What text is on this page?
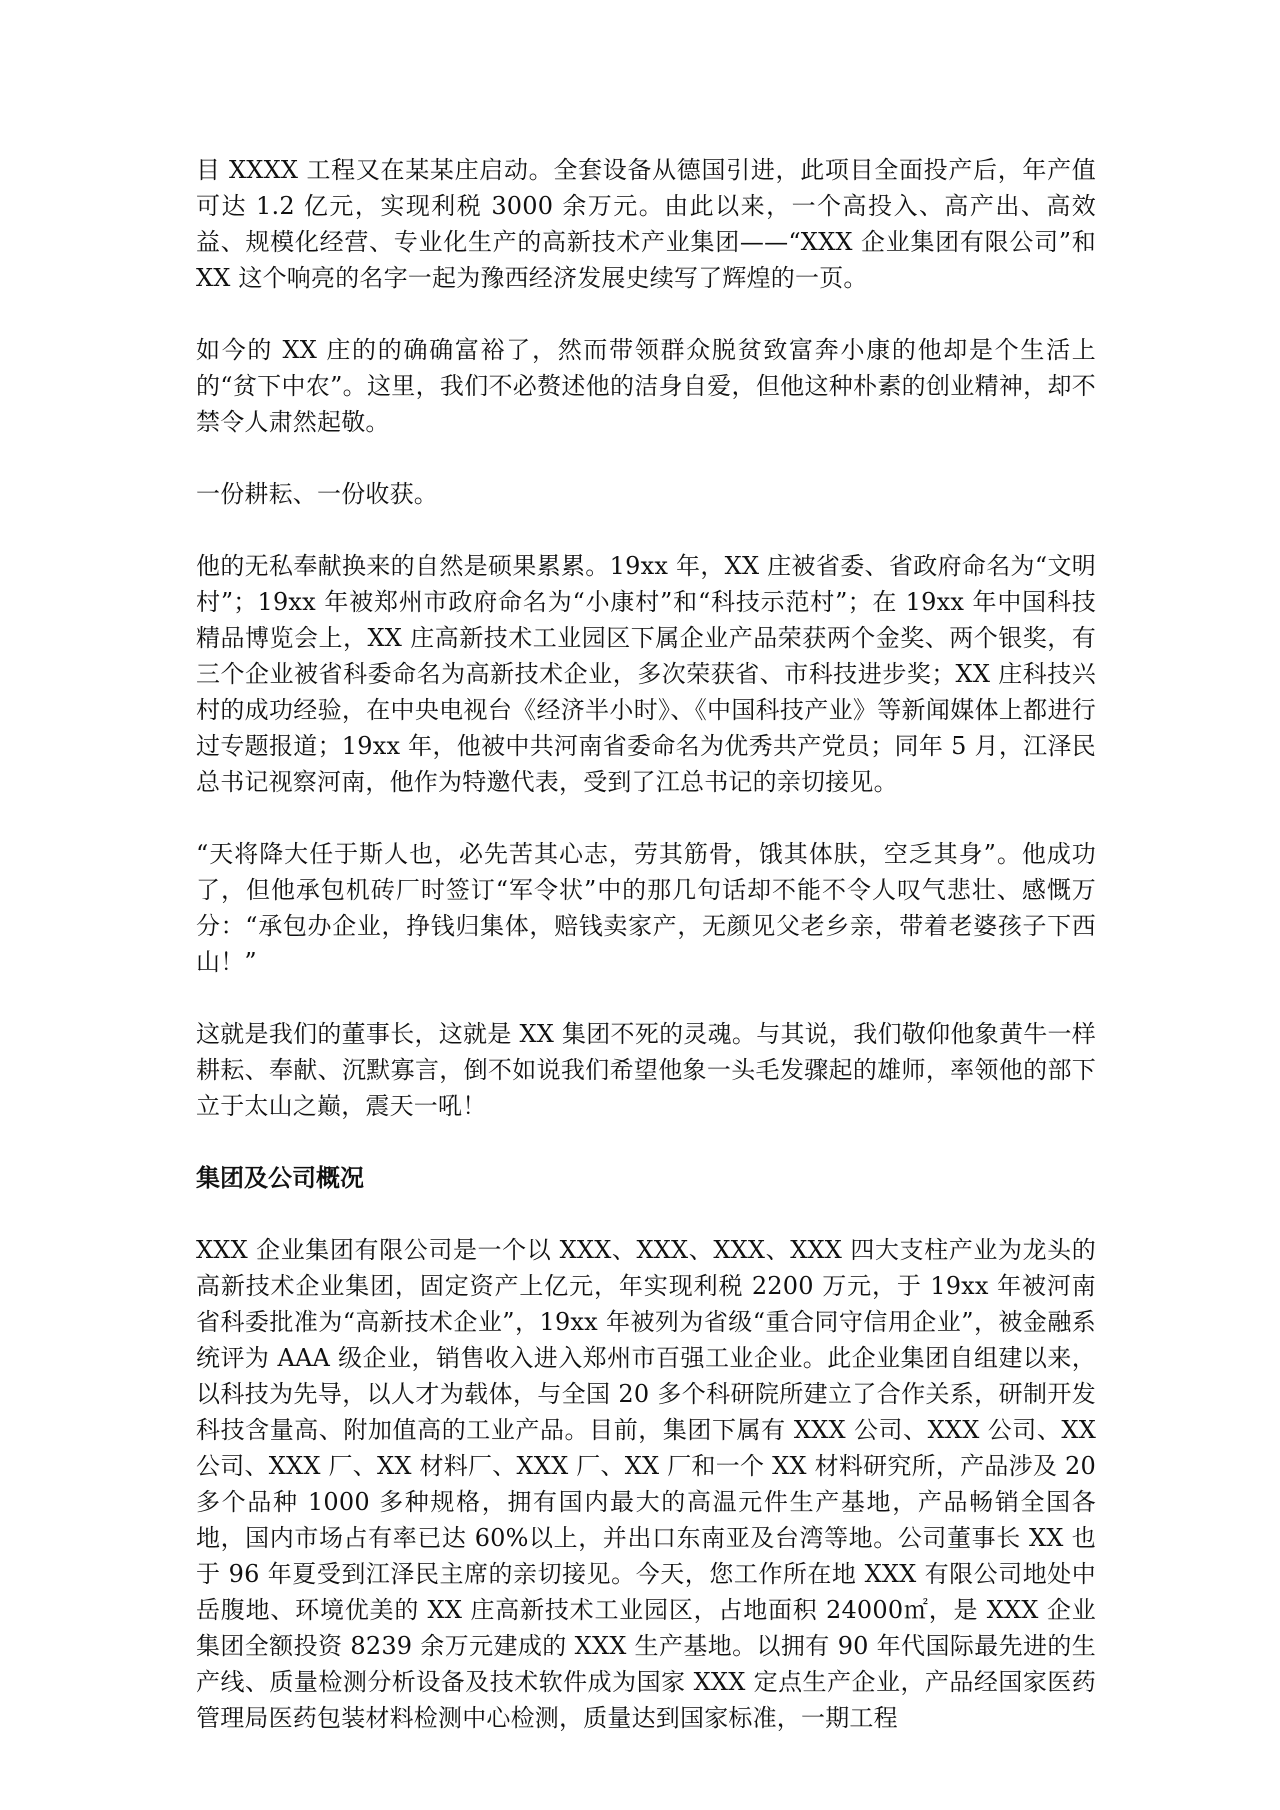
目 XXXX 工程又在某某庄启动。全套设备从德国引进，此项目全面投产后，年产值可达 1.2 亿元，实现利税 3000 余万元。由此以来，一个高投入、高产出、高效益、规模化经营、专业化生产的高新技术产业集团——“XXX 企业集团有限公司”和 XX 这个响亮的名字一起为豫西经济发展史续写了辉煌的一页。

如今的 XX 庄的的确确富裕了，然而带领群众脱贫致富奔小康的他却是个生活上的“贫下中农”。这里，我们不必赘述他的洁身自爱，但他这种朴素的创业精神，却不禁令人肃然起敬。

一份耕耘、一份收获。

他的无私奉献换来的自然是硕果累累。19xx 年，XX 庄被省委、省政府命名为“文明村”；19xx 年被郑州市政府命名为“小康村”和“科技示范村”；在 19xx 年中国科技精品博览会上，XX 庄高新技术工业园区下属企业产品荣获两个金奖、两个银奖，有三个企业被省科委命名为高新技术企业，多次荣获省、市科技进步奖；XX 庄科技兴村的成功经验，在中央电视台《经济半小时》、《中国科技产业》等新闻媒体上都进行过专题报道；19xx 年，他被中共河南省委命名为优秀共产党员；同年 5 月，江泽民总书记视察河南，他作为特邀代表，受到了江总书记的亲切接见。

“天将降大任于斯人也，必先苦其心志，劳其筋骨，饿其体肤，空乏其身”。他成功了，但他承包机砖厂时签订“军令状”中的那几句话却不能不令人叹气悲壮、感慨万分：“承包办企业，挣钱归集体，赔钱卖家产，无颜见父老乡亲，带着老婆孩子下西山！”

这就是我们的董事长，这就是 XX 集团不死的灵魂。与其说，我们敬仰他象黄牛一样耕耘、奉献、沉默寡言，倒不如说我们希望他象一头毛发骤起的雄师，率领他的部下立于太山之巅，震天一吼！

集团及公司概况

XXX 企业集团有限公司是一个以 XXX、XXX、XXX、XXX 四大支柱产业为龙头的高新技术企业集团，固定资产上亿元，年实现利税 2200 万元，于 19xx 年被河南省科委批准为“高新技术企业”，19xx 年被列为省级“重合同守信用企业”，被金融系统评为 AAA 级企业，销售收入进入郑州市百强工业企业。此企业集团自组建以来，以科技为先导，以人才为载体，与全国 20 多个科研院所建立了合作关系，研制开发科技含量高、附加值高的工业产品。目前，集团下属有 XXX 公司、XXX 公司、XX 公司、XXX 厂、XX 材料厂、XXX 厂、XX 厂和一个 XX 材料研究所，产品涉及 20 多个品种 1000 多种规格，拥有国内最大的高温元件生产基地，产品畅销全国各地，国内市场占有率已达 60%以上，并出口东南亚及台湾等地。公司董事长 XX 也于 96 年夏受到江泽民主席的亲切接见。今天，您工作所在地 XXX 有限公司地处中岳腹地、环境优美的 XX 庄高新技术工业园区，占地面积 24000㎡，是 XXX 企业集团全额投资 8239 余万元建成的 XXX 生产基地。以拥有 90 年代国际最先进的生产线、质量检测分析设备及技术软件成为国家 XXX 定点生产企业，产品经国家医药管理局医药包装材料检测中心检测，质量达到国家标准，一期工程
